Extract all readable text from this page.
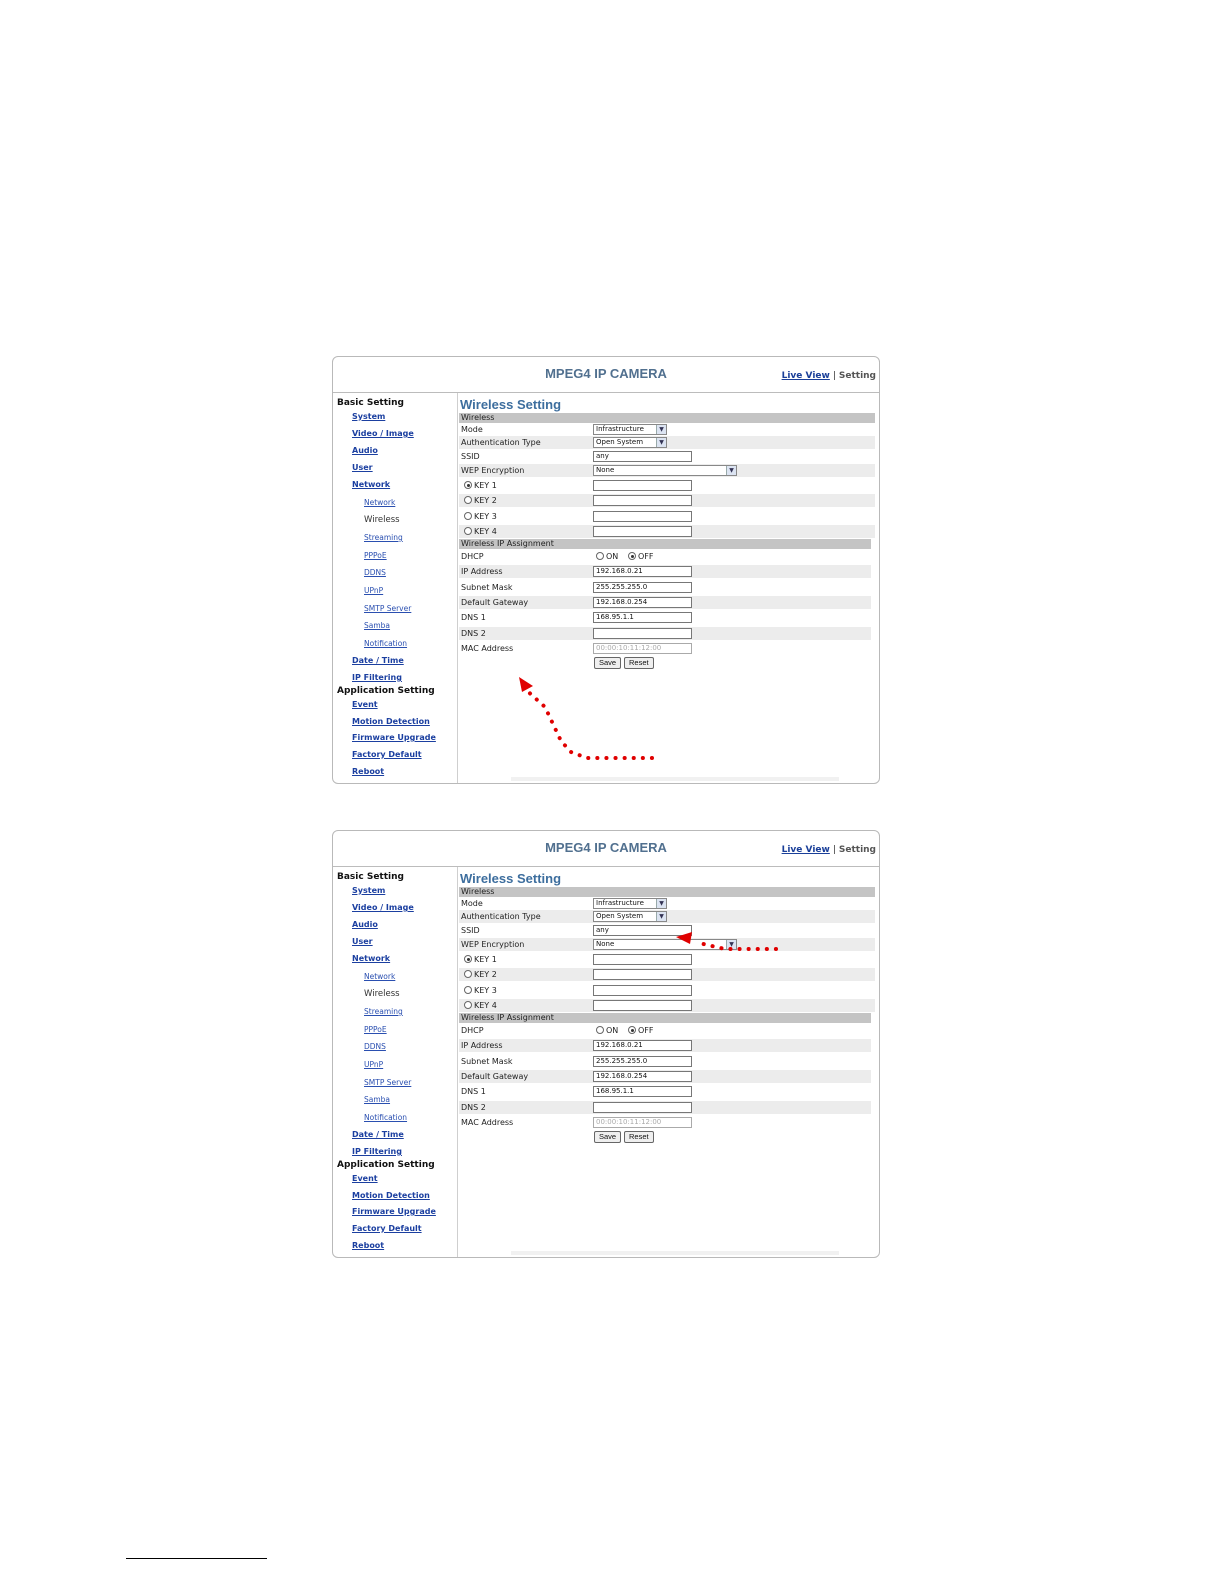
MPEG4 IP CAMERA	Live View | Setting
Basic Setting
System
Video / Image
Audio
User
Network
Network
Wireless
Streaming
PPPoE
DDNS
UPnP
SMTP Server
Samba
Notification
Date / Time
IP Filtering
Application Setting
Event
Motion Detection
Firmware Upgrade
Factory Default
Reboot
Wireless Setting
Wireless
Mode	Infrastructure	▼
Authentication Type	Open System	▼
SSID	any
WEP Encryption	None	▼
KEY 1
KEY 2
KEY 3
KEY 4
Wireless IP Assignment
DHCP	ON OFF
IP Address	192.168.0.21
Subnet Mask	255.255.255.0
Default Gateway	192.168.0.254
DNS 1	168.95.1.1
DNS 2
MAC Address	00:00:10:11:12:00
Save	Reset
MPEG4 IP CAMERA	Live View | Setting
Basic Setting
System
Video / Image
Audio
User
Network
Network
Wireless
Streaming
PPPoE
DDNS
UPnP
SMTP Server
Samba
Notification
Date / Time
IP Filtering
Application Setting
Event
Motion Detection
Firmware Upgrade
Factory Default
Reboot
Wireless Setting
Wireless
Mode	Infrastructure	▼
Authentication Type	Open System	▼
SSID	any
WEP Encryption	None	▼
KEY 1
KEY 2
KEY 3
KEY 4
Wireless IP Assignment
DHCP	ON OFF
IP Address	192.168.0.21
Subnet Mask	255.255.255.0
Default Gateway	192.168.0.254
DNS 1	168.95.1.1
DNS 2
MAC Address	00:00:10:11:12:00
Save	Reset
